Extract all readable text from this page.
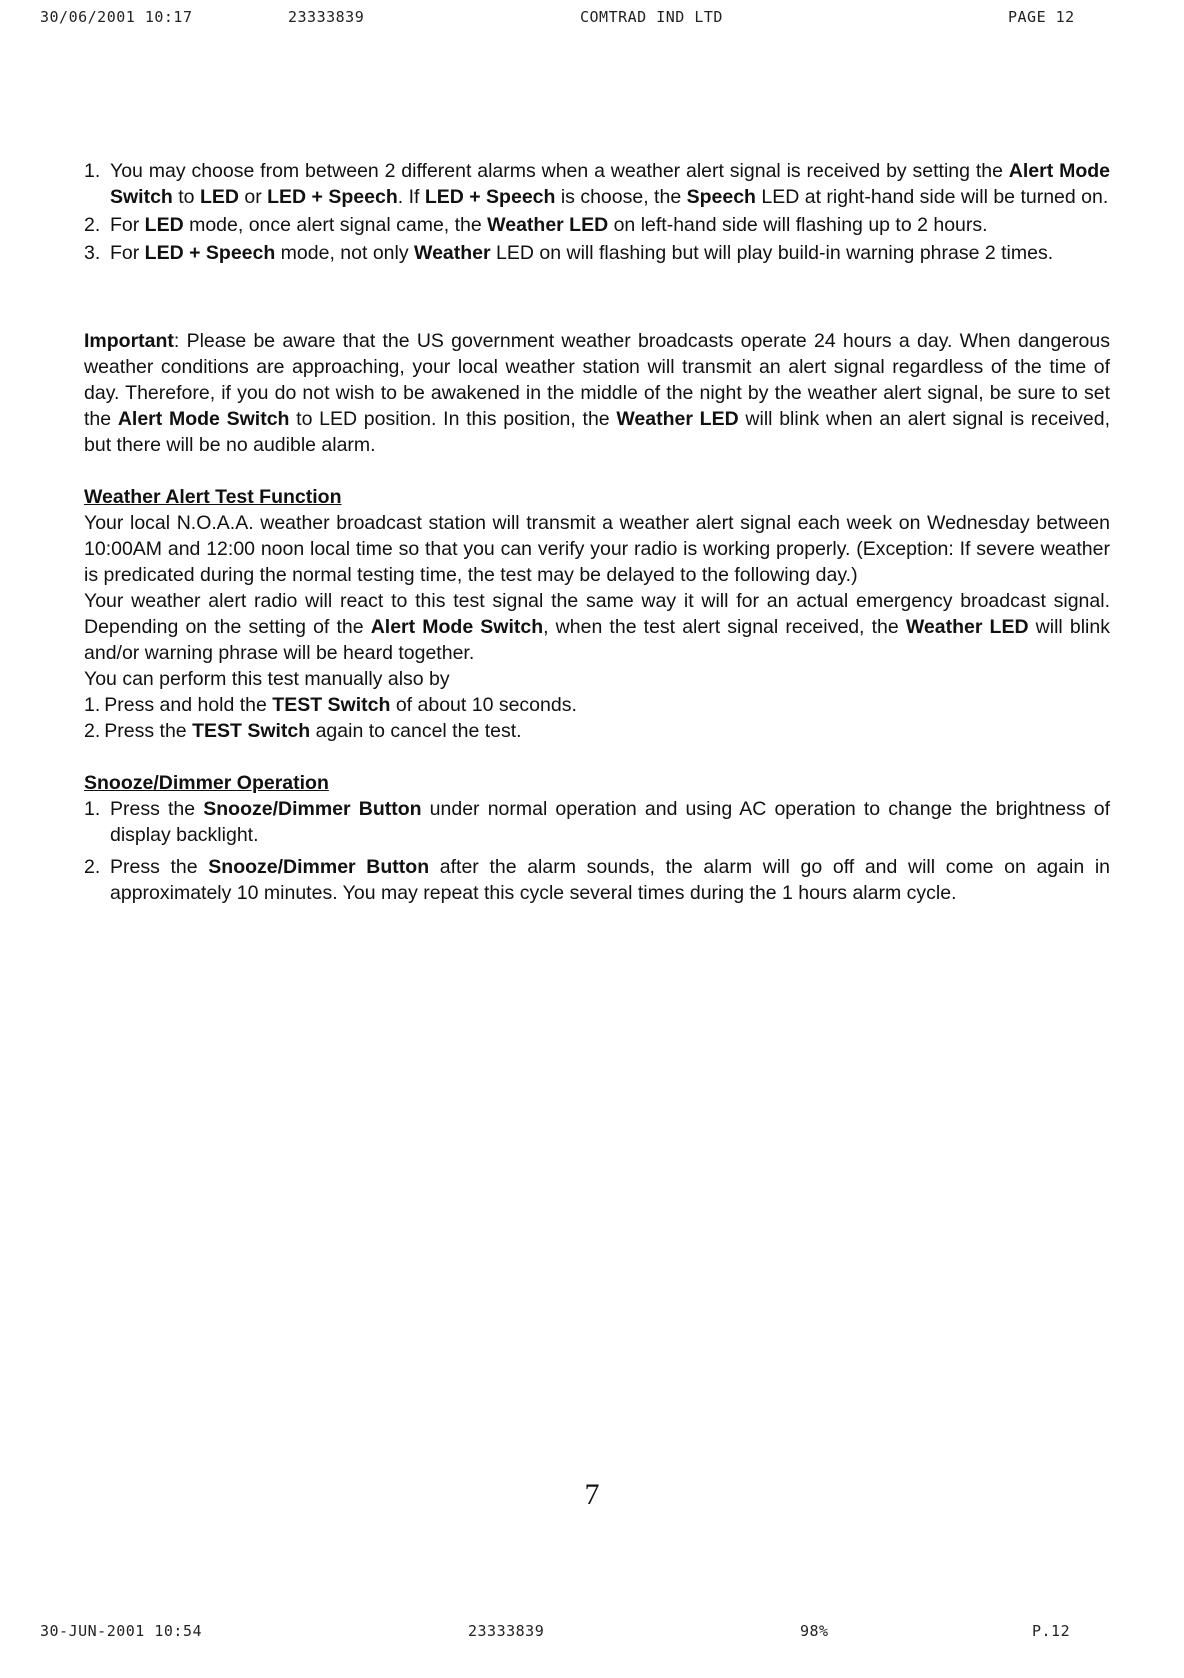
30/06/2001 10:17	23333839	COMTRAD IND LTD	PAGE 12
1. You may choose from between 2 different alarms when a weather alert signal is received by setting the Alert Mode Switch to LED or LED + Speech. If LED + Speech is choose, the Speech LED at right-hand side will be turned on.
2. For LED mode, once alert signal came, the Weather LED on left-hand side will flashing up to 2 hours.
3. For LED + Speech mode, not only Weather LED on will flashing but will play build-in warning phrase 2 times.

Important: Please be aware that the US government weather broadcasts operate 24 hours a day. When dangerous weather conditions are approaching, your local weather station will transmit an alert signal regardless of the time of day. Therefore, if you do not wish to be awakened in the middle of the night by the weather alert signal, be sure to set the Alert Mode Switch to LED position. In this position, the Weather LED will blink when an alert signal is received, but there will be no audible alarm.

Weather Alert Test Function

Your local N.O.A.A. weather broadcast station will transmit a weather alert signal each week on Wednesday between 10:00AM and 12:00 noon local time so that you can verify your radio is working properly. (Exception: If severe weather is predicated during the normal testing time, the test may be delayed to the following day.)

Your weather alert radio will react to this test signal the same way it will for an actual emergency broadcast signal. Depending on the setting of the Alert Mode Switch, when the test alert signal received, the Weather LED will blink and/or warning phrase will be heard together.

You can perform this test manually also by

1. Press and hold the TEST Switch of about 10 seconds.
2. Press the TEST Switch again to cancel the test.
Snooze/Dimmer Operation
1. Press the Snooze/Dimmer Button under normal operation and using AC operation to change the brightness of display backlight.
2. Press the Snooze/Dimmer Button after the alarm sounds, the alarm will go off and will come on again in approximately 10 minutes. You may repeat this cycle several times during the 1 hours alarm cycle.
7
30-JUN-2001 10:54	23333839	98%	P.12
